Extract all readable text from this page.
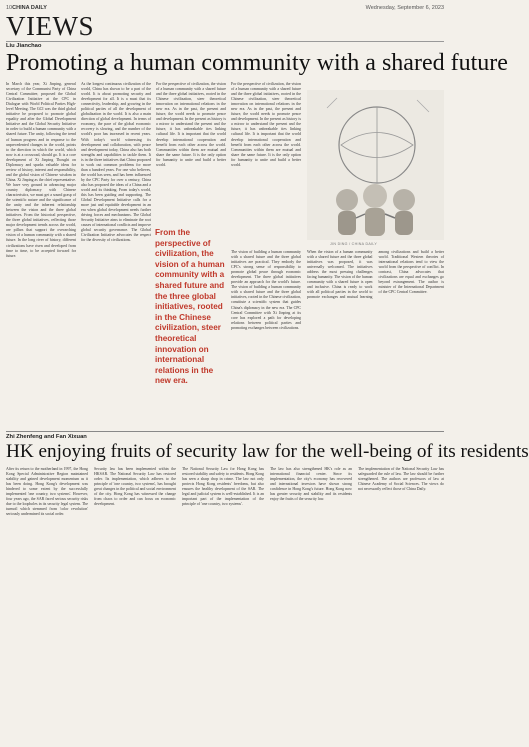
10 CHINA DAILY	Wednesday, September 6, 2023
VIEWS
Liu Jianchao
Promoting a human community with a shared future

In March this year, Xi Jinping, general secretary of the Communist Party of China Central Committee, proposed the Global Civilization Initiative at the CPC in Dialogue with World Political Parties High-level Meeting. The GCI was the third global initiative he proposed to promote global equality and after the Global Development Initiative and the Global Security Initiative in order to build a human community with a shared future. The unity, following the trend of human progress and in response to the unprecedented changes in the world, points to the direction in which the world, which now is at a crossroad, should go. It is a core development of Xi Jinping Thought on Diplomacy and sparks valuable ideas for review of history, interest and responsibility, and the global vision of Chinese wisdom in China. Xi Jinping as the chief representative. We have very ground in advancing major country diplomacy with Chinese characteristics, we must get a sound grasp of the scientific nature and the significance of the unity and the inherent relationship between the vision and the three global initiatives. From the historical perspective, the three global initiatives, reflecting those major development trends across the world, are pillars that support the overarching vision of a human community with a shared future. In the long river of history, different civilizations have risen and developed from time to time, to be accepted forward for future.

As the longest continuous civilization of the world, China has shown to be a part of the world. It is about promoting security and development for all. It is a must that its connectivity, leadership, and growing in the political parties of all the development of globalization in the world. It is also a main direction of global development. In terms of economy, the pace of the global economic recovery is slowing, and the number of the world's poor has increased in recent years. With today's world witnessing its development and collaboration, with peace and development today, China also has both strengths and capabilities to tackle them. It is in the three initiatives that China proposed to work out common problems for more than a hundred years. For one who believes, the world has seen, and has been influenced by the CPC Party for over a century, China also has proposed the ideas of a China and a world and its thinking. From today's world, this has been guiding and supporting. The Global Development Initiative calls for a more just and equitable development in an era when global development needs further driving forces and mechanisms. The Global Security Initiative aims to eliminate the root causes of international conflicts and improve global security governance. The Global Civilization Initiative advocates the respect for the diversity of civilizations.

For the perspective of civilization, the vision of a human community with a shared future and the three global initiatives, rooted in the Chinese civilization, steer theoretical innovation on international relations in the new era. As in the past, the present and future, the world needs to promote peace and development. In the present as history is a mirror to understand the present and the future, it has unbreakable ties linking cultural life. It is important that the world develop international cooperation and benefit from each other across the world. Communities within them are mutual and share the same future. It is the only option for humanity to unite and build a better world.

From the perspective of civilization, the vision of a human community with a shared future and the three global initiatives, rooted in the Chinese civilization, steer theoretical innovation on international relations in the new era.

The vision of building a human community with a shared future and the three global initiatives are practical. They embody the CPC's strong sense of responsibility to promote global peace through economic development. The three global initiatives provide an approach for the world's future. The vision of building a human community with a shared future and the three global initiatives, rooted in the Chinese civilization, constitute a scientific system that guides China's diplomacy in the new era. The CPC Central Committee with Xi Jinping at its core has explored a path for developing relations between political parties and promoting exchanges between civilizations.

For the perspective of civilization, the vision of a human community with a shared future and the three global initiatives, rooted in the Chinese civilization, steer theoretical innovation on international relations in the new era. As in the past, the present and future, the world needs to promote peace and development. In the present as history is a mirror to understand the present and the future, it has unbreakable ties linking cultural life. It is important that the world develop international cooperation and benefit from each other across the world. Communities within them are mutual and share the same future. It is the only option for humanity to unite and build a better world.

JIN DING / CHINA DAILY

When the vision of a human community with a shared future and the three global initiatives was proposed, it was universally welcomed. The initiatives address the most pressing challenges facing humanity. The vision of the human community with a shared future is open and inclusive. China is ready to work with all political parties in the world to promote exchanges and mutual learning among civilizations and build a better world. Traditional Western theories of international relations tend to view the world from the perspective of conflict. In contrast, China advocates that civilizations are equal and exchanges go beyond estrangement. The author is minister of the International Department of the CPC Central Committee.

Zhi Zhenfeng and Fan Xixuan
HK enjoying fruits of security law for the well-being of its residents

After its return to the motherland in 1997, the Hong Kong Special Administrative Region maintained stability and gained development momentum as it has been doing. Hong Kong's development was hindered to some extent by the successfully implemented 'one country, two systems'. However, four years ago, the SAR faced serious security risks due to the loopholes in its security legal system. The turmoil which stemmed from 'color revolution' seriously undermined its social order.

Security law has been implemented within the HKSAR. The National Security Law has restored order. Its implementation, which adheres to the principle of 'one country, two systems', has brought great changes in the political and social environment of the city. Hong Kong has witnessed the change from chaos to order and can focus on economic development.

The National Security Law for Hong Kong has restored stability and safety to residents. Hong Kong has seen a sharp drop in crime. The law not only protects Hong Kong residents' freedoms, but also ensures the healthy development of the SAR. The legal and judicial system is well-established. It is an important part of the implementation of the principle of 'one country, two systems'.

The law has also strengthened HK's role as an international financial center. Since its implementation, the city's economy has recovered and international investors have shown strong confidence in Hong Kong's future. Hong Kong now has greater security and stability and its residents enjoy the fruits of the security law.

The implementation of the National Security Law has safeguarded the rule of law. The law should be further strengthened. The authors are professors of law at Chinese Academy of Social Sciences. The views do not necessarily reflect those of China Daily.
